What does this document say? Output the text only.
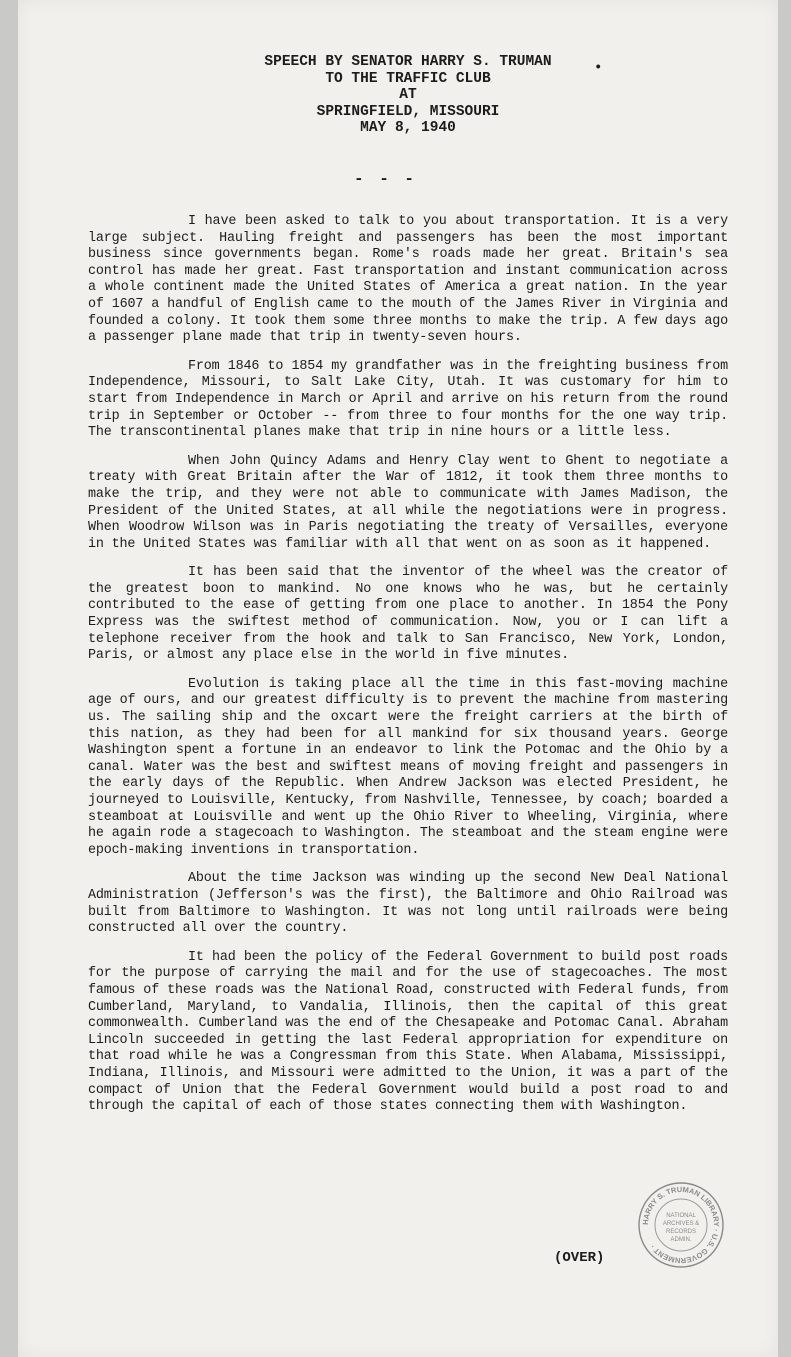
SPEECH BY SENATOR HARRY S. TRUMAN
TO THE TRAFFIC CLUB
AT
SPRINGFIELD, MISSOURI
MAY 8, 1940
•
- - -

I have been asked to talk to you about transportation. It is a very large subject. Hauling freight and passengers has been the most important business since governments began. Rome's roads made her great. Britain's sea control has made her great. Fast transportation and instant communication across a whole continent made the United States of America a great nation. In the year of 1607 a handful of English came to the mouth of the James River in Virginia and founded a colony. It took them some three months to make the trip. A few days ago a passenger plane made that trip in twenty-seven hours.

From 1846 to 1854 my grandfather was in the freighting business from Independence, Missouri, to Salt Lake City, Utah. It was customary for him to start from Independence in March or April and arrive on his return from the round trip in September or October -- from three to four months for the one way trip. The transcontinental planes make that trip in nine hours or a little less.

When John Quincy Adams and Henry Clay went to Ghent to negotiate a treaty with Great Britain after the War of 1812, it took them three months to make the trip, and they were not able to communicate with James Madison, the President of the United States, at all while the negotiations were in progress. When Woodrow Wilson was in Paris negotiating the treaty of Versailles, everyone in the United States was familiar with all that went on as soon as it happened.

It has been said that the inventor of the wheel was the creator of the greatest boon to mankind. No one knows who he was, but he certainly contributed to the ease of getting from one place to another. In 1854 the Pony Express was the swiftest method of communication. Now, you or I can lift a telephone receiver from the hook and talk to San Francisco, New York, London, Paris, or almost any place else in the world in five minutes.

Evolution is taking place all the time in this fast-moving machine age of ours, and our greatest difficulty is to prevent the machine from mastering us. The sailing ship and the oxcart were the freight carriers at the birth of this nation, as they had been for all mankind for six thousand years. George Washington spent a fortune in an endeavor to link the Potomac and the Ohio by a canal. Water was the best and swiftest means of moving freight and passengers in the early days of the Republic. When Andrew Jackson was elected President, he journeyed to Louisville, Kentucky, from Nashville, Tennessee, by coach; boarded a steamboat at Louisville and went up the Ohio River to Wheeling, Virginia, where he again rode a stagecoach to Washington. The steamboat and the steam engine were epoch-making inventions in transportation.

About the time Jackson was winding up the second New Deal National Administration (Jefferson's was the first), the Baltimore and Ohio Railroad was built from Baltimore to Washington. It was not long until railroads were being constructed all over the country.

It had been the policy of the Federal Government to build post roads for the purpose of carrying the mail and for the use of stagecoaches. The most famous of these roads was the National Road, constructed with Federal funds, from Cumberland, Maryland, to Vandalia, Illinois, then the capital of this great commonwealth. Cumberland was the end of the Chesapeake and Potomac Canal. Abraham Lincoln succeeded in getting the last Federal appropriation for expenditure on that road while he was a Congressman from this State. When Alabama, Mississippi, Indiana, Illinois, and Missouri were admitted to the Union, it was a part of the compact of Union that the Federal Government would build a post road to and through the capital of each of those states connecting them with Washington.

HARRY S. TRUMAN LIBRARY · U.S. GOVERNMENT ·
NATIONAL
ARCHIVES &
RECORDS
ADMIN.
(OVER)
